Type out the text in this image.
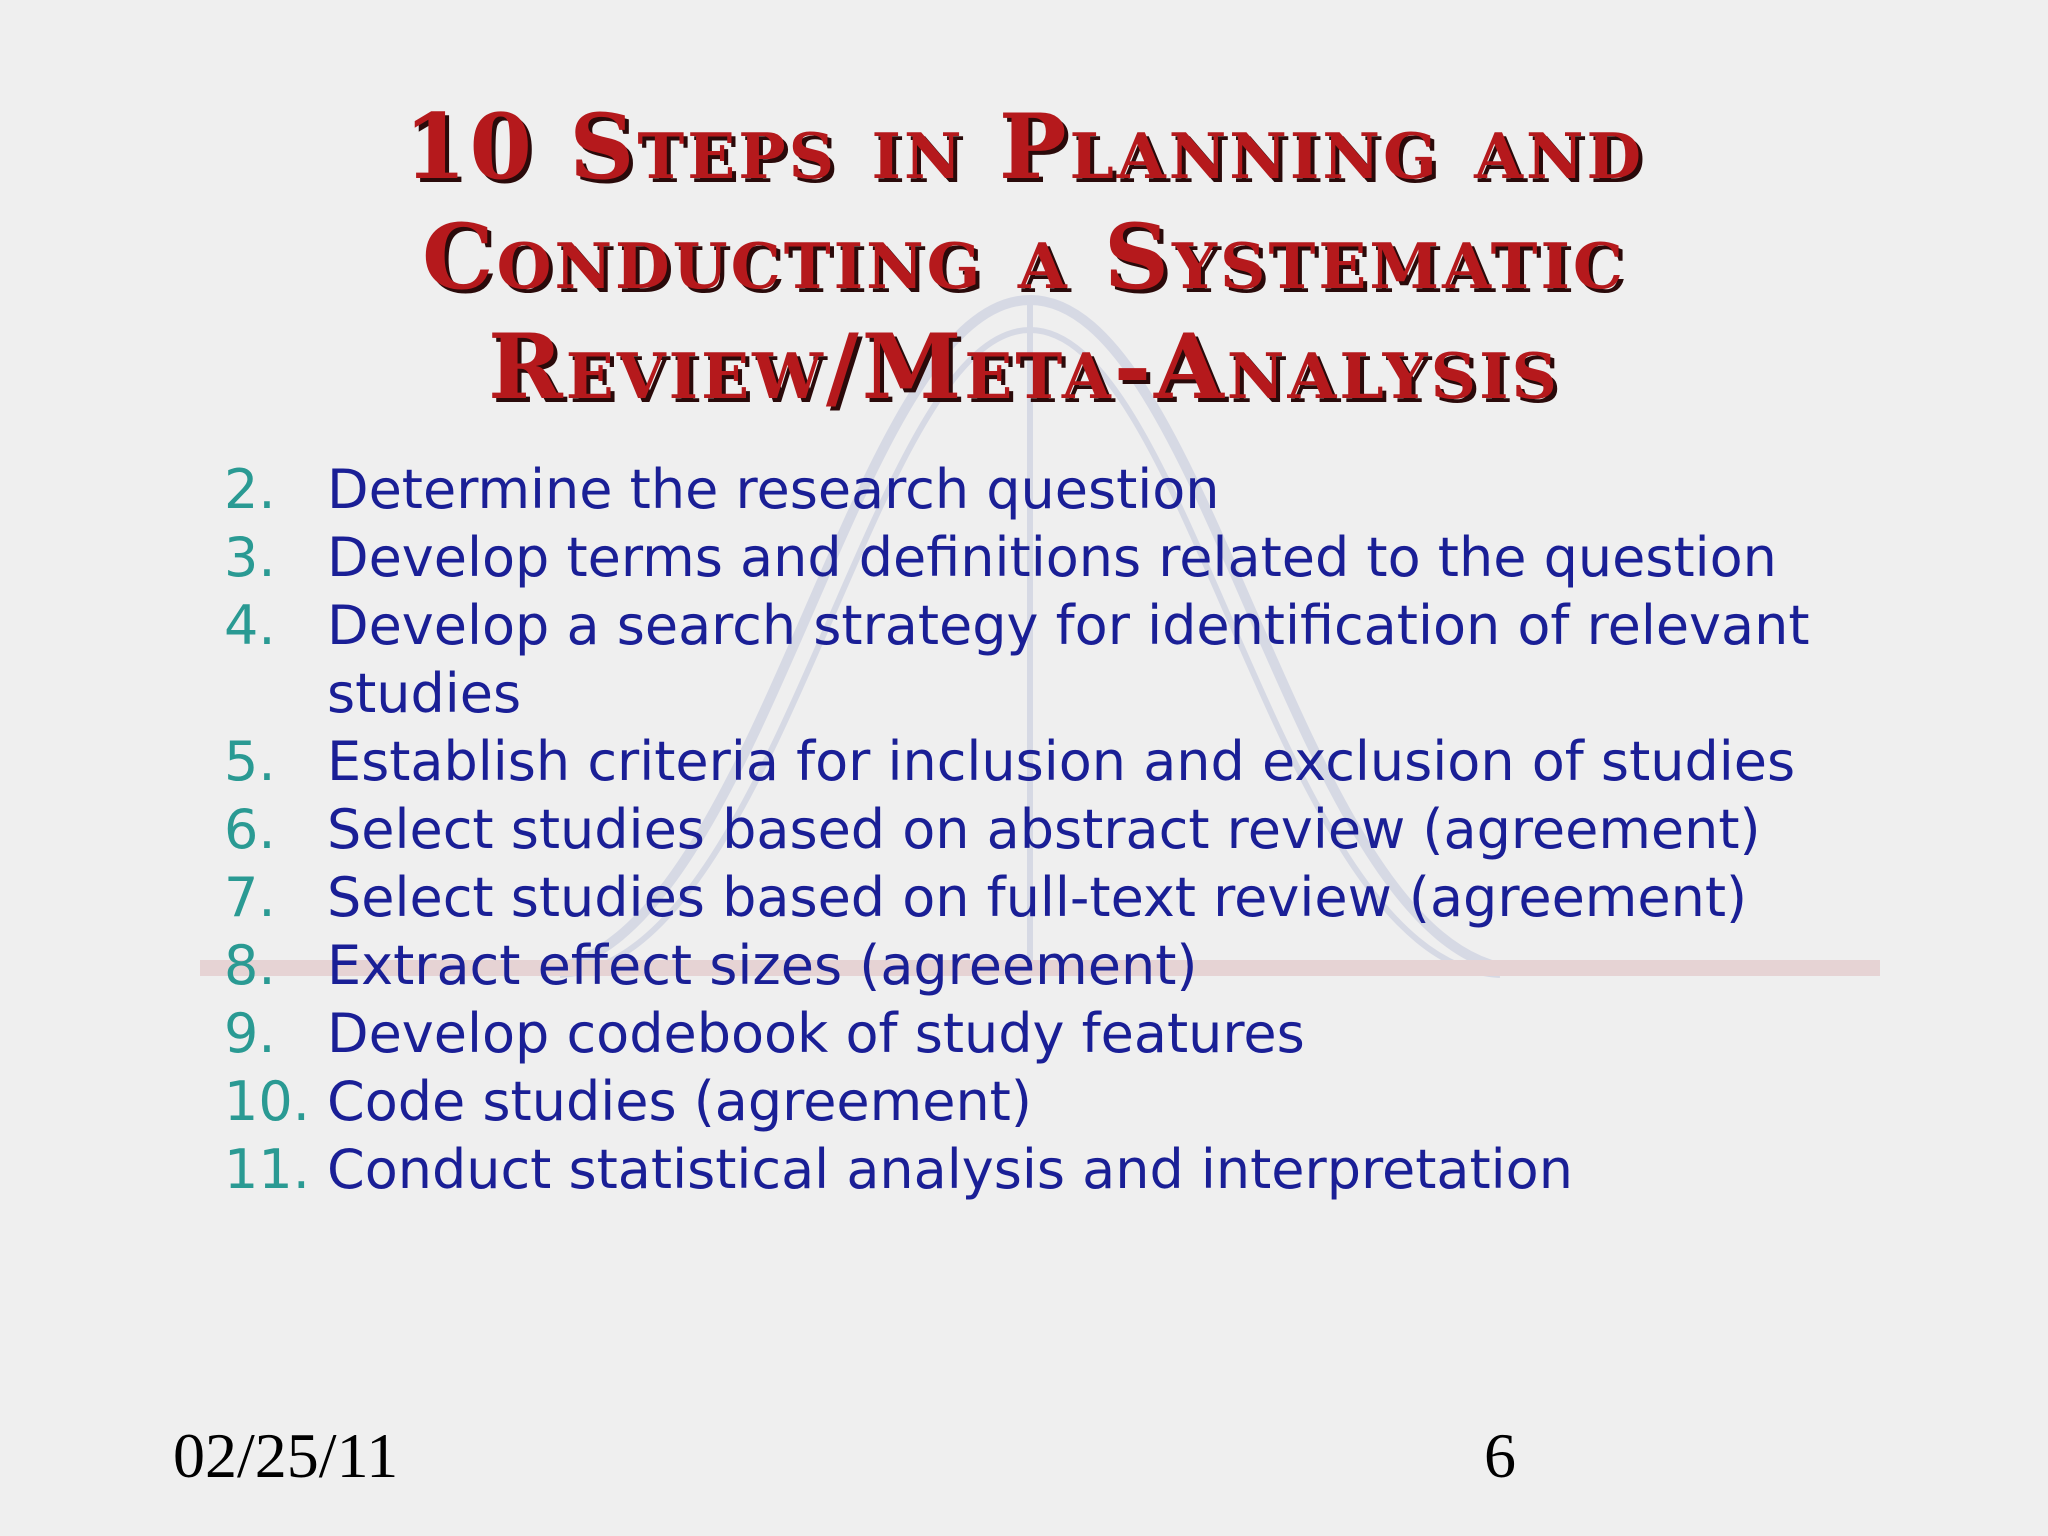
10 Steps in Planning and
Conducting a Systematic
Review/Meta-Analysis
2. Determine the research question
3. Develop terms and definitions related to the question
4. Develop a search strategy for identification of relevant studies
5. Establish criteria for inclusion and exclusion of studies
6. Select studies based on abstract review (agreement)
7. Select studies based on full-text review (agreement)
8. Extract effect sizes (agreement)
9. Develop codebook of study features
10. Code studies (agreement)
11. Conduct statistical analysis and interpretation
02/25/11	6
